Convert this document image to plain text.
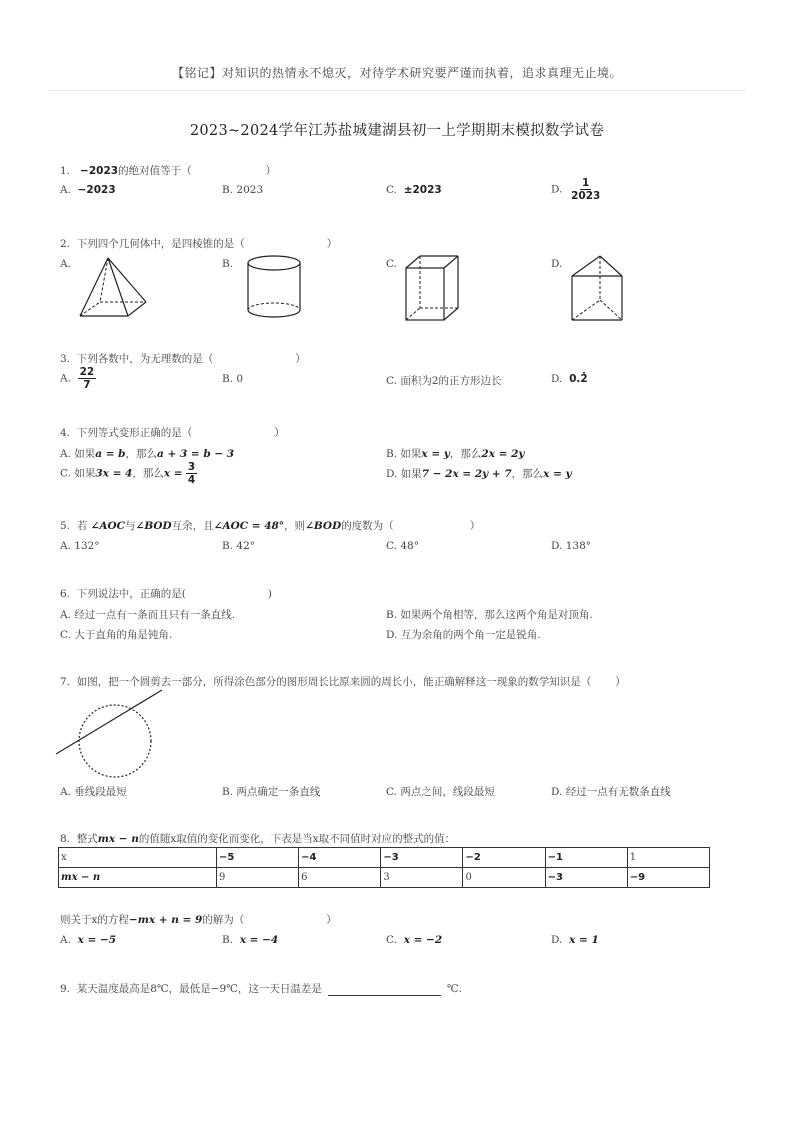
【铭记】对知识的热情永不熄灭，对待学术研究要严谨而执着，追求真理无止境。
2023~2024学年江苏盐城建湖县初一上学期期末模拟数学试卷
1. −2023的绝对值等于（	）
A. −2023	B. 2023	C. ±2023	D. $\frac{1}{2023}$
2. 下列四个几何体中，是四棱锥的是（	）
A.	B.	C.	D.
3. 下列各数中，为无理数的是（	）
A. $\frac{22}{7}$	B. 0	C. 面积为2的正方形边长	D. 0.2̇
4. 下列等式变形正确的是（	）
A. 如果a = b，那么a + 3 = b − 3	B. 如果x = y，那么2x = 2y
C. 如果3x = 4，那么$x = \frac{3}{4}$	D. 如果7 − 2x = 2y + 7，那么x = y
5. 若 ∠AOC与∠BOD互余，且∠AOC = 48°，则∠BOD的度数为（	）
A. 132°	B. 42°	C. 48°	D. 138°
6. 下列说法中，正确的是(	)
A. 经过一点有一条而且只有一条直线.	B. 如果两个角相等，那么这两个角是对顶角.
C. 大于直角的角是钝角.	D. 互为余角的两个角一定是锐角.
7. 如图，把一个圆剪去一部分，所得涂色部分的图形周长比原来圆的周长小，能正确解释这一现象的数学知识是（ ）
A. 垂线段最短	B. 两点确定一条直线	C. 两点之间，线段最短	D. 经过一点有无数条直线
8. 整式mx − n的值随x取值的变化而变化，下表是当x取不同值时对应的整式的值：
x	−5	−4	−3	−2	−1	1
mx − n	9	6	3	0	−3	−9
则关于x的方程−mx + n = 9的解为（	）
A. x = −5	B. x = −4	C. x = −2	D. x = 1
9. 某天温度最高是8℃，最低是−9℃，这一天日温差是	℃.
